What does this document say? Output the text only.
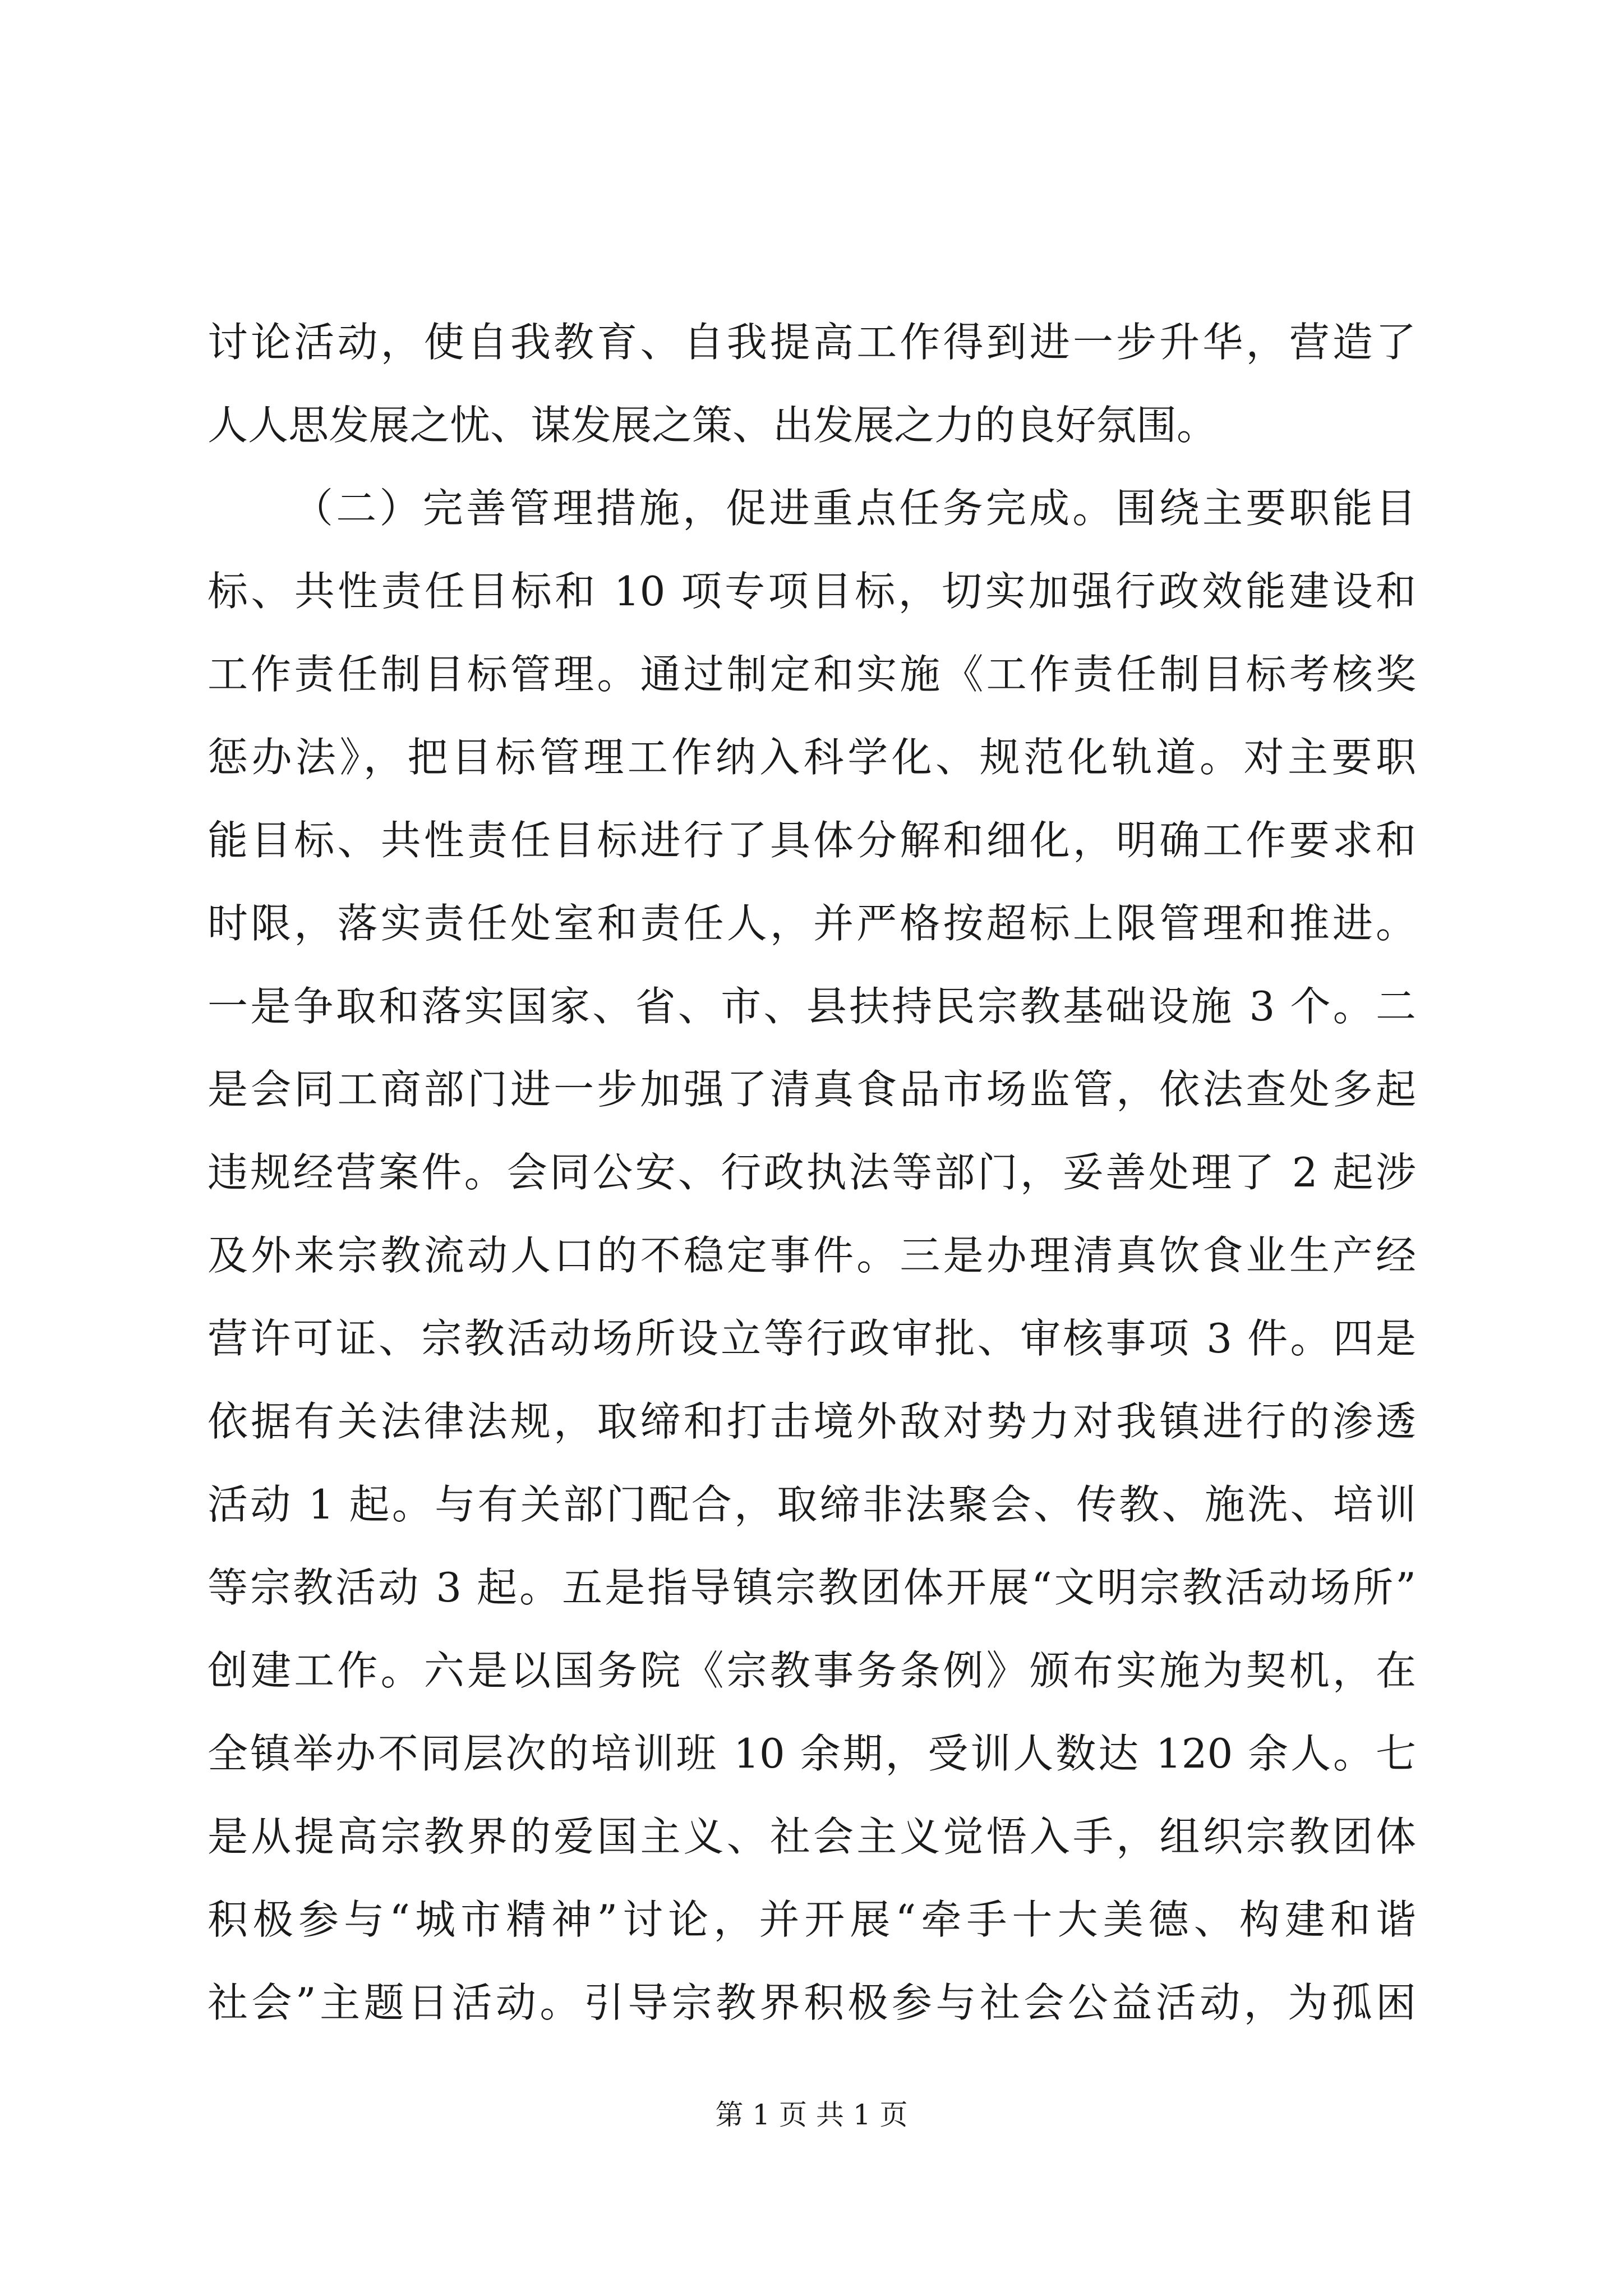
讨论活动，使自我教育、自我提高工作得到进一步升华，营造了
人人思发展之忧、谋发展之策、出发展之力的良好氛围。
（二）完善管理措施，促进重点任务完成。围绕主要职能目
标、共性责任目标和 10 项专项目标，切实加强行政效能建设和
工作责任制目标管理。通过制定和实施《工作责任制目标考核奖
惩办法》，把目标管理工作纳入科学化、规范化轨道。对主要职
能目标、共性责任目标进行了具体分解和细化，明确工作要求和
时限，落实责任处室和责任人，并严格按超标上限管理和推进。
一是争取和落实国家、省、市、县扶持民宗教基础设施 3 个。二
是会同工商部门进一步加强了清真食品市场监管，依法查处多起
违规经营案件。会同公安、行政执法等部门，妥善处理了 2 起涉
及外来宗教流动人口的不稳定事件。三是办理清真饮食业生产经
营许可证、宗教活动场所设立等行政审批、审核事项 3 件。四是
依据有关法律法规，取缔和打击境外敌对势力对我镇进行的渗透
活动 1 起。与有关部门配合，取缔非法聚会、传教、施洗、培训
等宗教活动 3 起。五是指导镇宗教团体开展“文明宗教活动场所”
创建工作。六是以国务院《宗教事务条例》颁布实施为契机，在
全镇举办不同层次的培训班 10 余期，受训人数达 120 余人。七
是从提高宗教界的爱国主义、社会主义觉悟入手，组织宗教团体
积极参与“城市精神”讨论，并开展“牵手十大美德、构建和谐
社会”主题日活动。引导宗教界积极参与社会公益活动，为孤困
第 1 页 共 1 页
